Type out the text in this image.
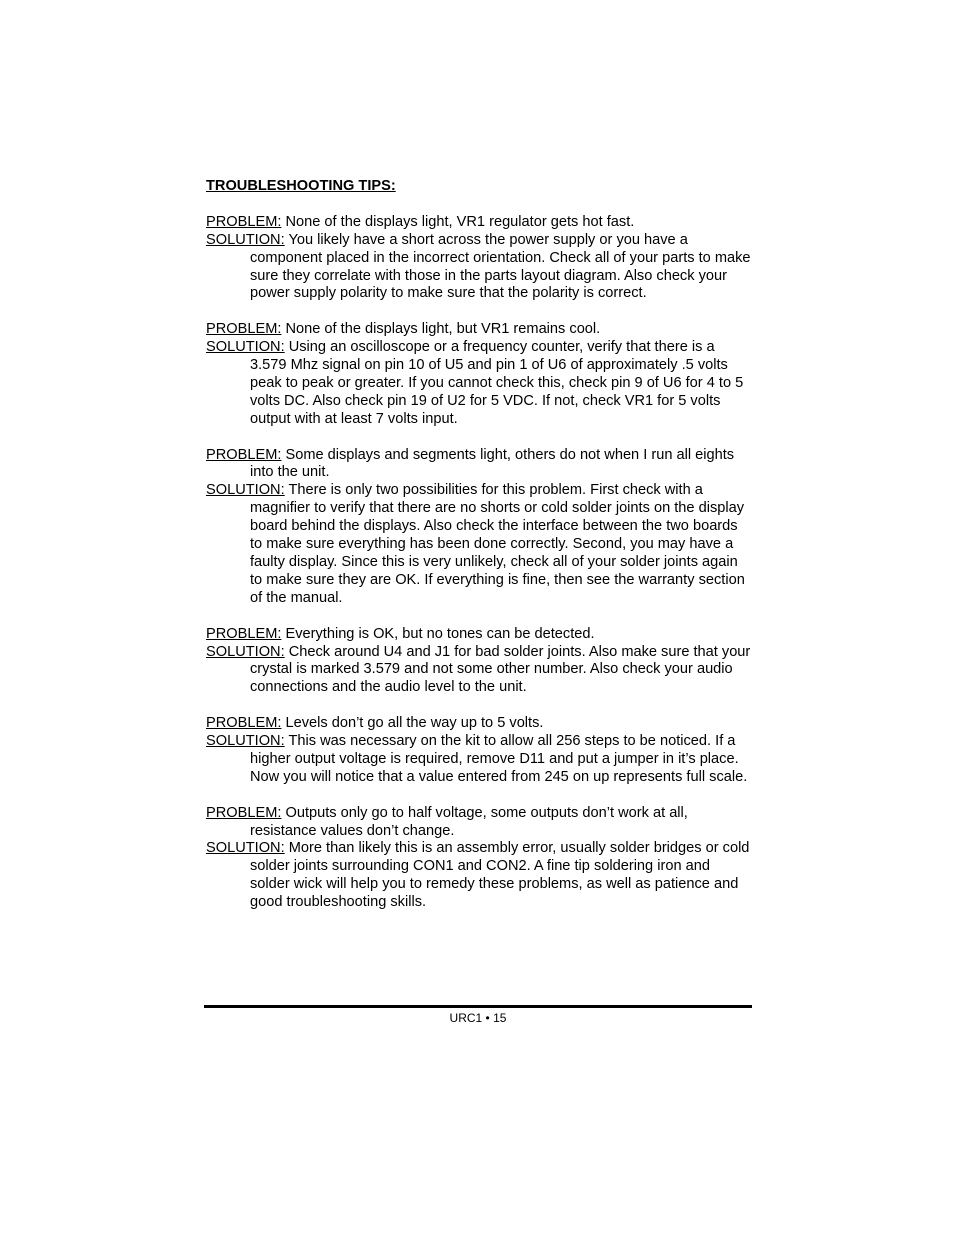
TROUBLESHOOTING TIPS:
PROBLEM: None of the displays light, VR1 regulator gets hot fast.
SOLUTION: You likely have a short across the power supply or you have a component placed in the incorrect orientation. Check all of your parts to make sure they correlate with those in the parts layout diagram. Also check your power supply polarity to make sure that the polarity is correct.
PROBLEM: None of the displays light, but VR1 remains cool.
SOLUTION: Using an oscilloscope or a frequency counter, verify that there is a 3.579 Mhz signal on pin 10 of U5 and pin 1 of U6 of approximately .5 volts peak to peak or greater. If you cannot check this, check pin 9 of U6 for 4 to 5 volts DC. Also check pin 19 of U2 for 5 VDC. If not, check VR1 for 5 volts output with at least 7 volts input.
PROBLEM: Some displays and segments light, others do not when I run all eights into the unit.
SOLUTION: There is only two possibilities for this problem. First check with a magnifier to verify that there are no shorts or cold solder joints on the display board behind the displays. Also check the interface between the two boards to make sure everything has been done correctly. Second, you may have a faulty display. Since this is very unlikely, check all of your solder joints again to make sure they are OK. If everything is fine, then see the warranty section of the manual.
PROBLEM: Everything is OK, but no tones can be detected.
SOLUTION: Check around U4 and J1 for bad solder joints. Also make sure that your crystal is marked 3.579 and not some other number. Also check your audio connections and the audio level to the unit.
PROBLEM: Levels don’t go all the way up to 5 volts.
SOLUTION: This was necessary on the kit to allow all 256 steps to be noticed. If a higher output voltage is required, remove D11 and put a jumper in it’s place. Now you will notice that a value entered from 245 on up represents full scale.
PROBLEM: Outputs only go to half voltage, some outputs don’t work at all, resistance values don’t change.
SOLUTION: More than likely this is an assembly error, usually solder bridges or cold solder joints surrounding CON1 and CON2. A fine tip soldering iron and solder wick will help you to remedy these problems, as well as patience and good troubleshooting skills.
URC1 • 15
